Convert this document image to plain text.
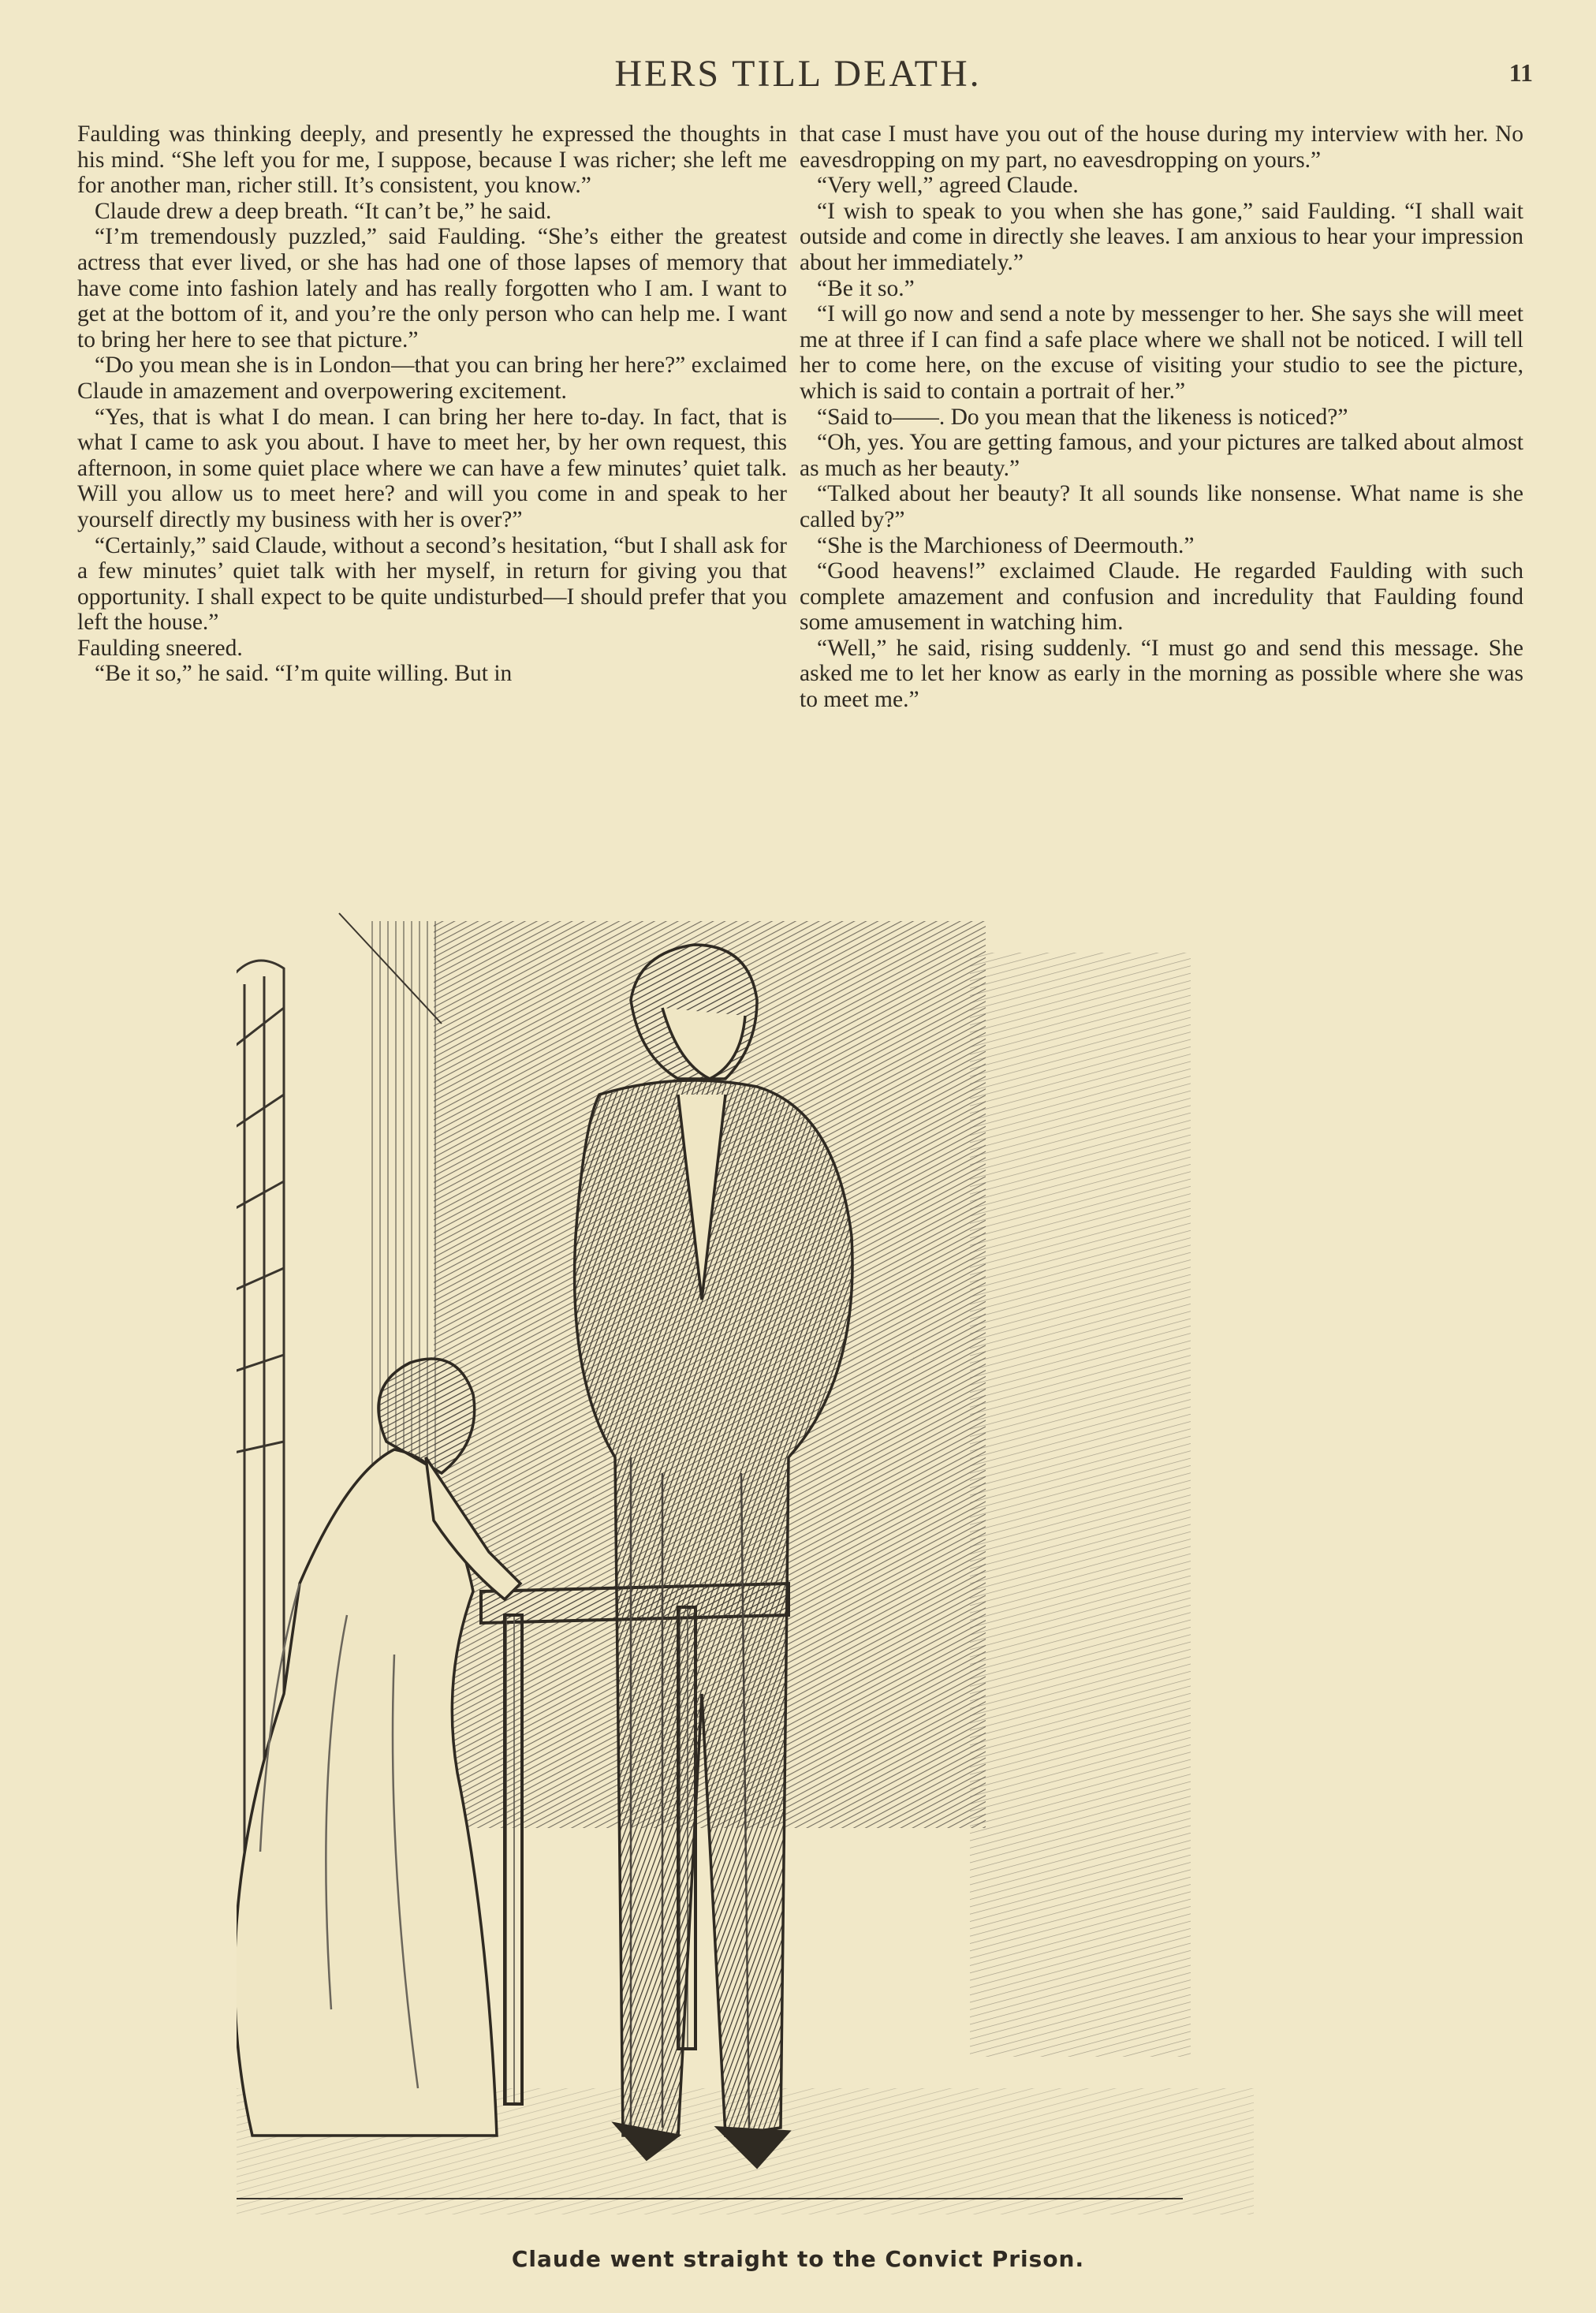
HERS TILL DEATH.	11

Faulding was thinking deeply, and presently he expressed the thoughts in his mind. “She left you for me, I suppose, because I was richer; she left me for another man, richer still. It’s consistent, you know.”

Claude drew a deep breath. “It can’t be,” he said.

“I’m tremendously puzzled,” said Faulding. “She’s either the greatest actress that ever lived, or she has had one of those lapses of memory that have come into fashion lately and has really forgotten who I am. I want to get at the bottom of it, and you’re the only person who can help me. I want to bring her here to see that picture.”

“Do you mean she is in London—that you can bring her here?” exclaimed Claude in amazement and overpowering excitement.

“Yes, that is what I do mean. I can bring her here to-day. In fact, that is what I came to ask you about. I have to meet her, by her own request, this afternoon, in some quiet place where we can have a few minutes’ quiet talk. Will you allow us to meet here? and will you come in and speak to her yourself directly my business with her is over?”

“Certainly,” said Claude, without a second’s hesitation, “but I shall ask for a few minutes’ quiet talk with her myself, in return for giving you that opportunity. I shall expect to be quite undisturbed—I should prefer that you left the house.”

Faulding sneered.

“Be it so,” he said. “I’m quite willing. But in

that case I must have you out of the house during my interview with her. No eavesdropping on my part, no eavesdropping on yours.”

“Very well,” agreed Claude.

“I wish to speak to you when she has gone,” said Faulding. “I shall wait outside and come in directly she leaves. I am anxious to hear your impression about her immediately.”

“Be it so.”

“I will go now and send a note by messenger to her. She says she will meet me at three if I can find a safe place where we shall not be noticed. I will tell her to come here, on the excuse of visiting your studio to see the picture, which is said to contain a portrait of her.”

“Said to——. Do you mean that the likeness is noticed?”

“Oh, yes. You are getting famous, and your pictures are talked about almost as much as her beauty.”

“Talked about her beauty? It all sounds like nonsense. What name is she called by?”

“She is the Marchioness of Deermouth.”

“Good heavens!” exclaimed Claude. He regarded Faulding with such complete amazement and confusion and incredulity that Faulding found some amusement in watching him.

“Well,” he said, rising suddenly. “I must go and send this message. She asked me to let her know as early in the morning as possible where she was to meet me.”

Claude went straight to the Convict Prison.
